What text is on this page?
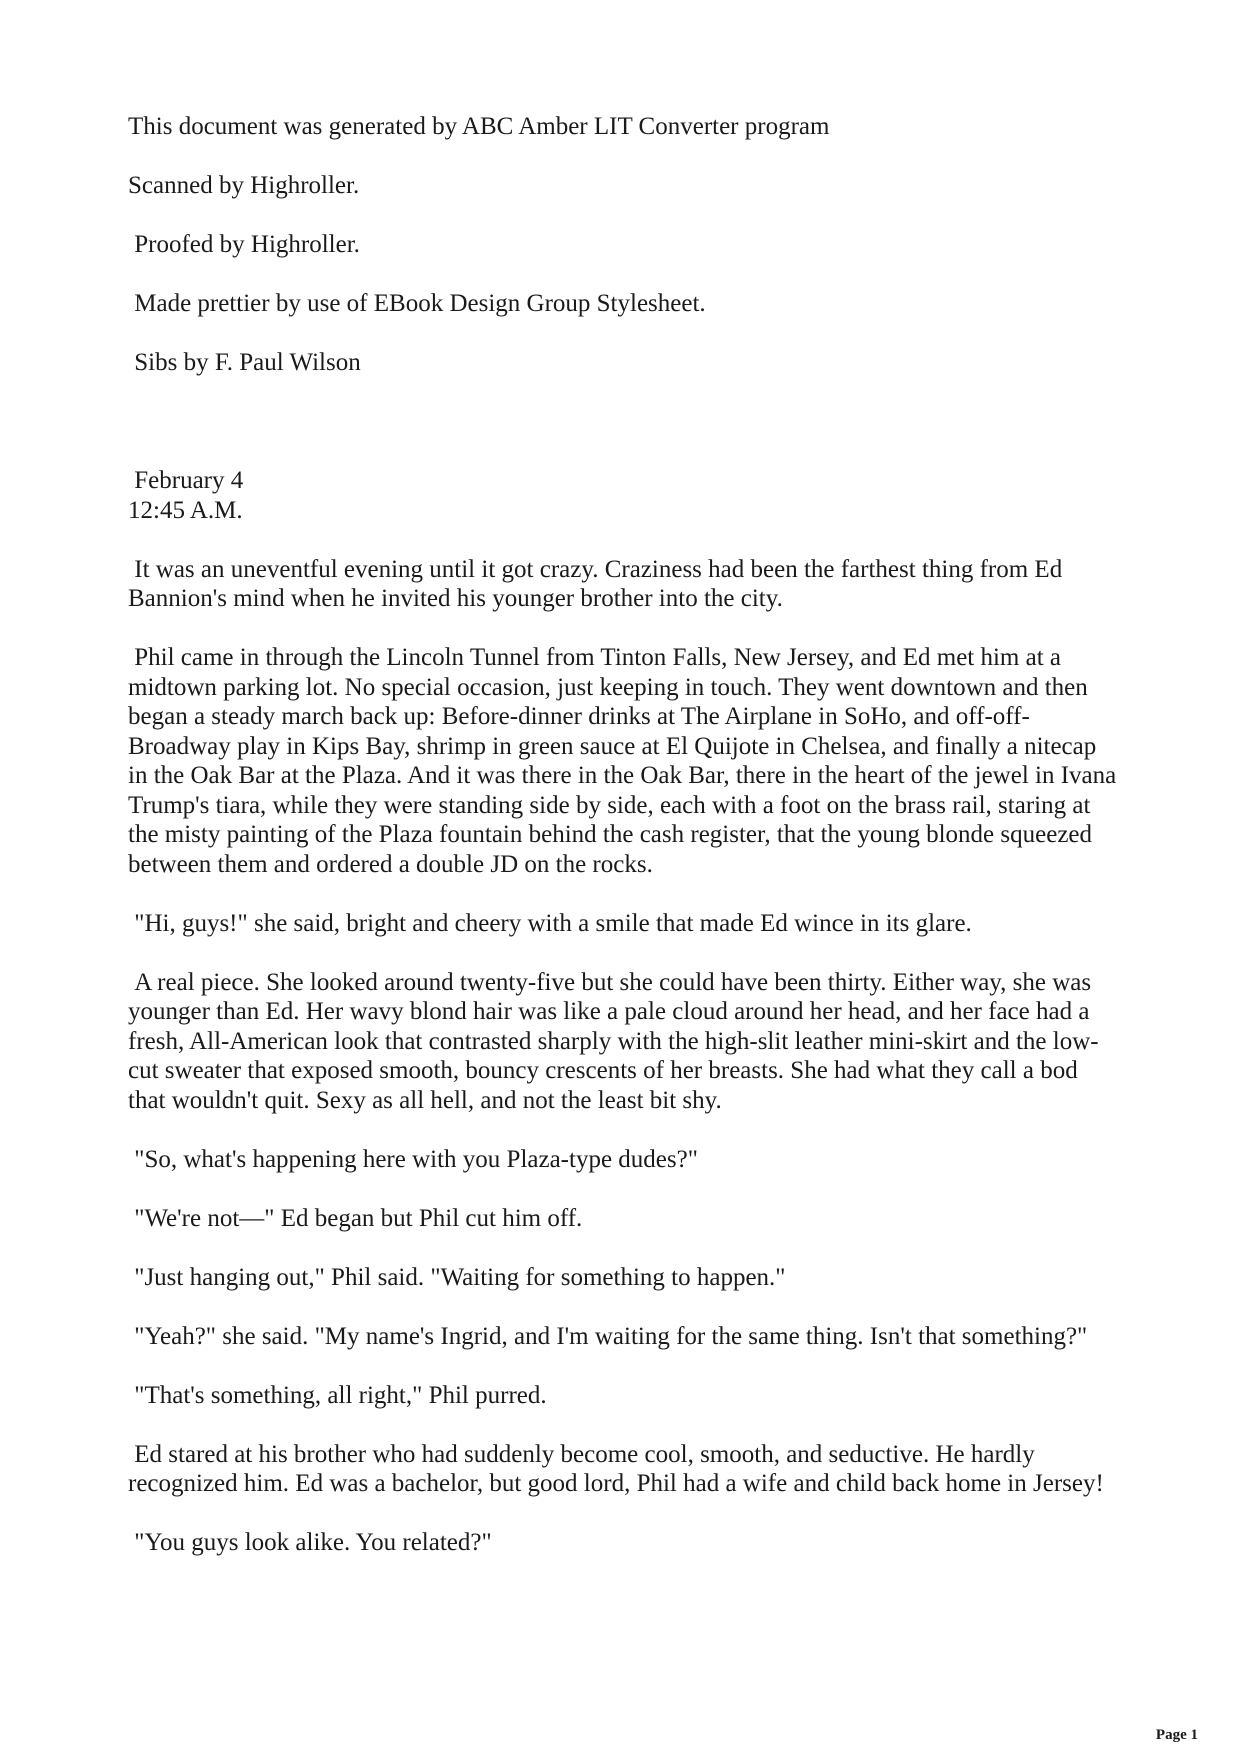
This document was generated by ABC Amber LIT Converter program

Scanned by Highroller.

Proofed by Highroller.

Made prettier by use of EBook Design Group Stylesheet.

Sibs by F. Paul Wilson

February 4
12:45 A.M.

It was an uneventful evening until it got crazy. Craziness had been the farthest thing from Ed Bannion's mind when he invited his younger brother into the city.

Phil came in through the Lincoln Tunnel from Tinton Falls, New Jersey, and Ed met him at a midtown parking lot. No special occasion, just keeping in touch. They went downtown and then began a steady march back up: Before-dinner drinks at The Airplane in SoHo, and off-off-Broadway play in Kips Bay, shrimp in green sauce at El Quijote in Chelsea, and finally a nitecap in the Oak Bar at the Plaza. And it was there in the Oak Bar, there in the heart of the jewel in Ivana Trump's tiara, while they were standing side by side, each with a foot on the brass rail, staring at the misty painting of the Plaza fountain behind the cash register, that the young blonde squeezed between them and ordered a double JD on the rocks.

"Hi, guys!" she said, bright and cheery with a smile that made Ed wince in its glare.

A real piece. She looked around twenty-five but she could have been thirty. Either way, she was younger than Ed. Her wavy blond hair was like a pale cloud around her head, and her face had a fresh, All-American look that contrasted sharply with the high-slit leather mini-skirt and the low-cut sweater that exposed smooth, bouncy crescents of her breasts. She had what they call a bod that wouldn't quit. Sexy as all hell, and not the least bit shy.

"So, what's happening here with you Plaza-type dudes?"

"We're not—" Ed began but Phil cut him off.

"Just hanging out," Phil said. "Waiting for something to happen."

"Yeah?" she said. "My name's Ingrid, and I'm waiting for the same thing. Isn't that something?"

"That's something, all right," Phil purred.

Ed stared at his brother who had suddenly become cool, smooth, and seductive. He hardly recognized him. Ed was a bachelor, but good lord, Phil had a wife and child back home in Jersey!

"You guys look alike. You related?"

Page 1
